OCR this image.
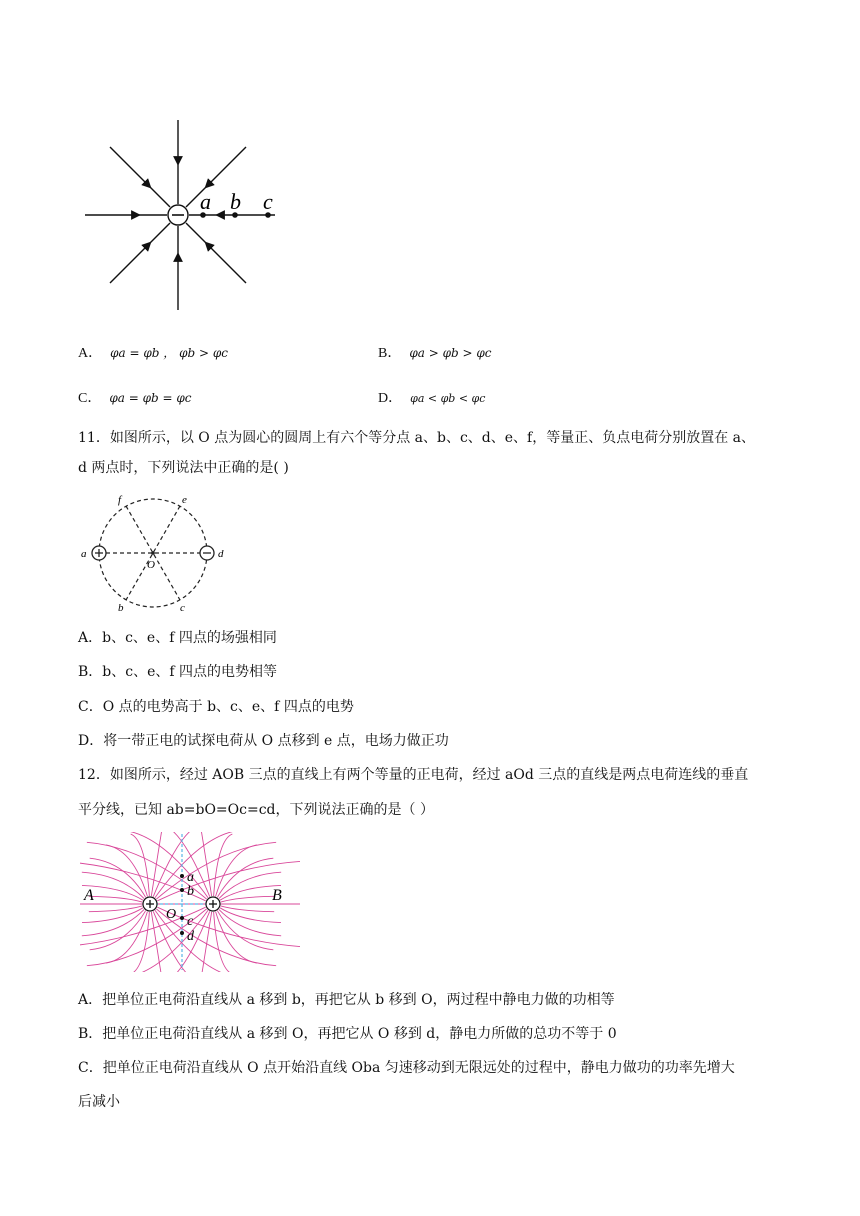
a b c
A． φa = φb ， φb > φc	B． φa > φb > φc
C． φa = φb = φc	D． φa < φb < φc
11．如图所示，以 O 点为圆心的圆周上有六个等分点 a、b、c、d、e、f，等量正、负点电荷分别放置在 a、
d 两点时，下列说法中正确的是( )
f	e
a	d
O
b	c
A．b、c、e、f 四点的场强相同
B．b、c、e、f 四点的电势相等
C．O 点的电势高于 b、c、e、f 四点的电势
D．将一带正电的试探电荷从 O 点移到 e 点，电场力做正功
12．如图所示，经过 AOB 三点的直线上有两个等量的正电荷，经过 aOd 三点的直线是两点电荷连线的垂直
平分线，已知 ab=bO=Oc=cd，下列说法正确的是（ ）
A	B
a
b
O c
d
A．把单位正电荷沿直线从 a 移到 b，再把它从 b 移到 O，两过程中静电力做的功相等
B．把单位正电荷沿直线从 a 移到 O，再把它从 O 移到 d，静电力所做的总功不等于 0
C．把单位正电荷沿直线从 O 点开始沿直线 Oba 匀速移动到无限远处的过程中，静电力做功的功率先增大
后减小
